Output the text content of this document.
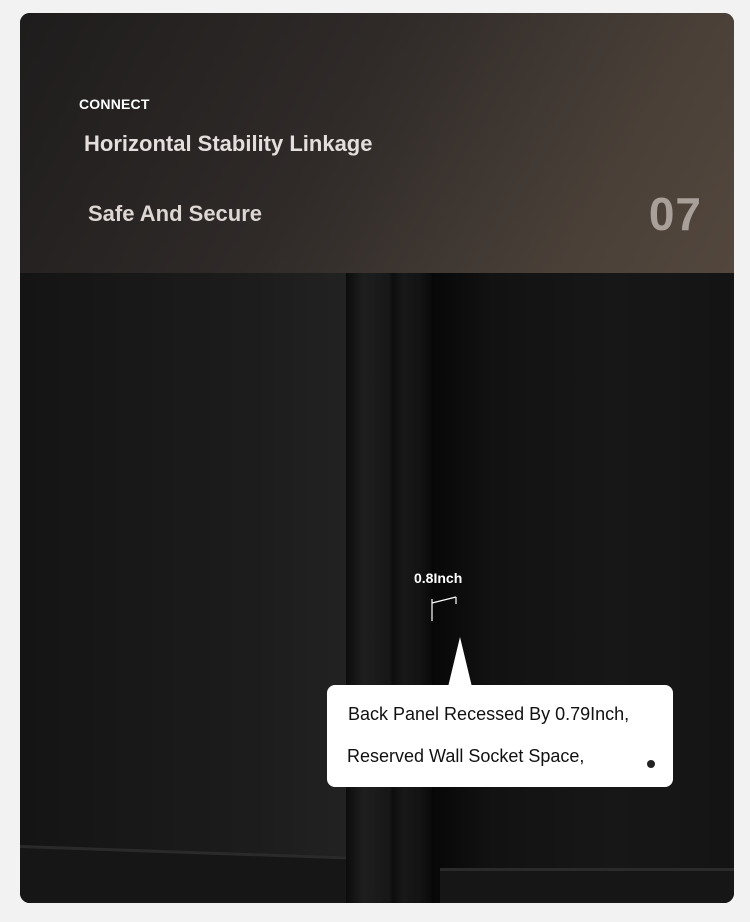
CONNECT
Horizontal Stability Linkage
Safe And Secure	07
0.8Inch
Back Panel Recessed By 0.79Inch,
Reserved Wall Socket Space,
